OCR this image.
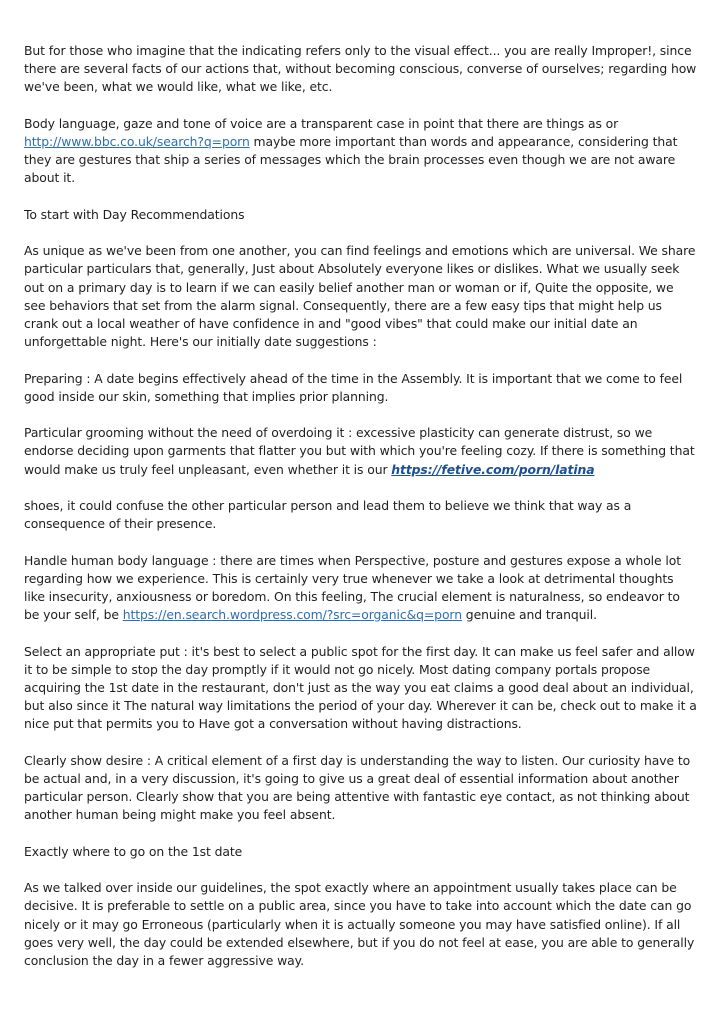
But for those who imagine that the indicating refers only to the visual effect... you are really Improper!, since there are several facts of our actions that, without becoming conscious, converse of ourselves; regarding how we've been, what we would like, what we like, etc.

Body language, gaze and tone of voice are a transparent case in point that there are things as or http://www.bbc.co.uk/search?q=porn maybe more important than words and appearance, considering that they are gestures that ship a series of messages which the brain processes even though we are not aware about it.

To start with Day Recommendations

As unique as we've been from one another, you can find feelings and emotions which are universal. We share particular particulars that, generally, Just about Absolutely everyone likes or dislikes. What we usually seek out on a primary day is to learn if we can easily belief another man or woman or if, Quite the opposite, we see behaviors that set from the alarm signal. Consequently, there are a few easy tips that might help us crank out a local weather of have confidence in and "good vibes" that could make our initial date an unforgettable night. Here's our initially date suggestions :

Preparing : A date begins effectively ahead of the time in the Assembly. It is important that we come to feel good inside our skin, something that implies prior planning.

Particular grooming without the need of overdoing it : excessive plasticity can generate distrust, so we endorse deciding upon garments that flatter you but with which you're feeling cozy. If there is something that would make us truly feel unpleasant, even whether it is our https://fetive.com/porn/latina

shoes, it could confuse the other particular person and lead them to believe we think that way as a consequence of their presence.

Handle human body language : there are times when Perspective, posture and gestures expose a whole lot regarding how we experience. This is certainly very true whenever we take a look at detrimental thoughts like insecurity, anxiousness or boredom. On this feeling, The crucial element is naturalness, so endeavor to be your self, be https://en.search.wordpress.com/?src=organic&q=porn genuine and tranquil.

Select an appropriate put : it's best to select a public spot for the first day. It can make us feel safer and allow it to be simple to stop the day promptly if it would not go nicely. Most dating company portals propose acquiring the 1st date in the restaurant, don't just as the way you eat claims a good deal about an individual, but also since it The natural way limitations the period of your day. Wherever it can be, check out to make it a nice put that permits you to Have got a conversation without having distractions.

Clearly show desire : A critical element of a first day is understanding the way to listen. Our curiosity have to be actual and, in a very discussion, it's going to give us a great deal of essential information about another particular person. Clearly show that you are being attentive with fantastic eye contact, as not thinking about another human being might make you feel absent.

Exactly where to go on the 1st date

As we talked over inside our guidelines, the spot exactly where an appointment usually takes place can be decisive. It is preferable to settle on a public area, since you have to take into account which the date can go nicely or it may go Erroneous (particularly when it is actually someone you may have satisfied online). If all goes very well, the day could be extended elsewhere, but if you do not feel at ease, you are able to generally conclusion the day in a fewer aggressive way.
